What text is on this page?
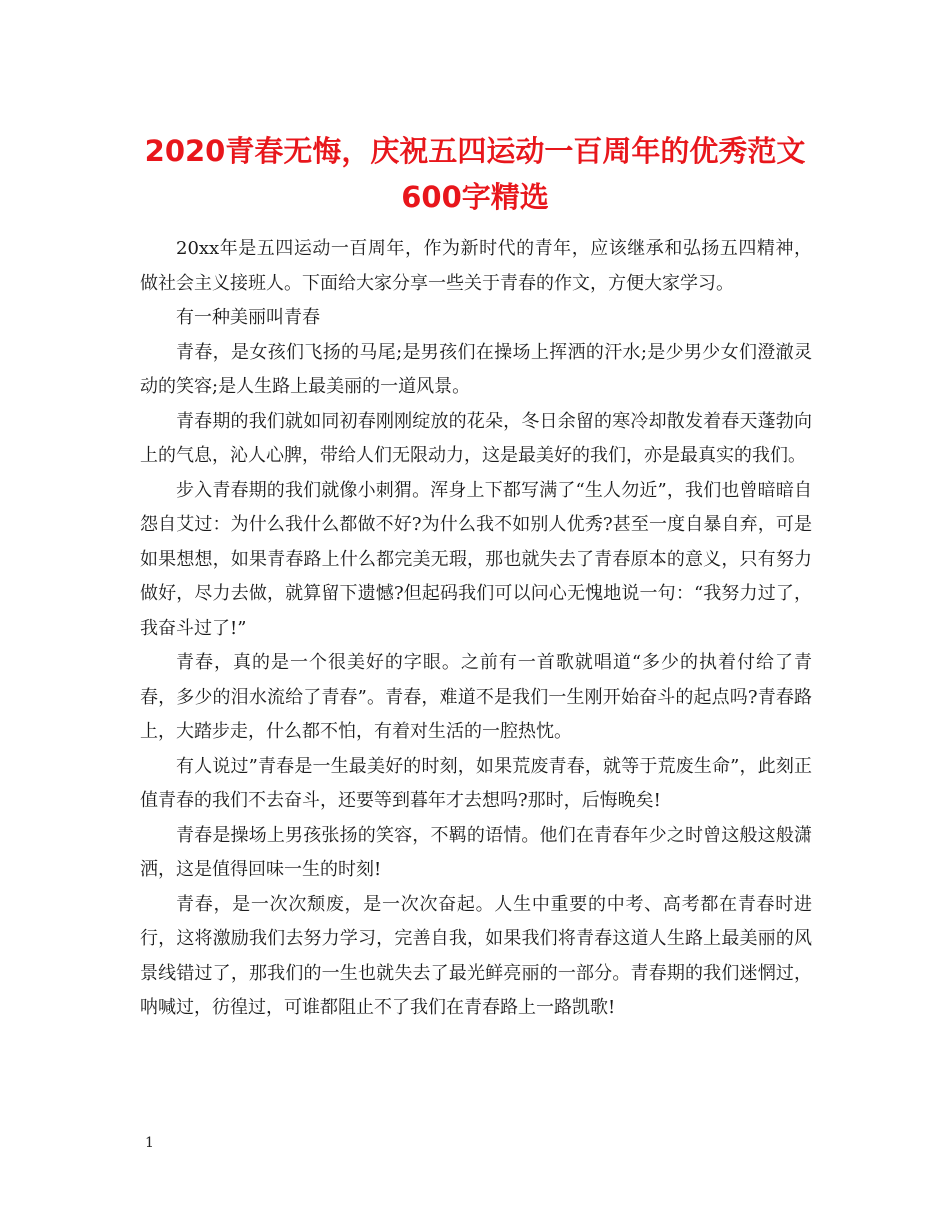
2020青春无悔，庆祝五四运动一百周年的优秀范文600字精选

20xx年是五四运动一百周年，作为新时代的青年，应该继承和弘扬五四精神，做社会主义接班人。下面给大家分享一些关于青春的作文，方便大家学习。

有一种美丽叫青春

青春，是女孩们飞扬的马尾;是男孩们在操场上挥洒的汗水;是少男少女们澄澈灵动的笑容;是人生路上最美丽的一道风景。

青春期的我们就如同初春刚刚绽放的花朵，冬日余留的寒冷却散发着春天蓬勃向上的气息，沁人心脾，带给人们无限动力，这是最美好的我们，亦是最真实的我们。

步入青春期的我们就像小刺猬。浑身上下都写满了“生人勿近”，我们也曾暗暗自怨自艾过：为什么我什么都做不好?为什么我不如别人优秀?甚至一度自暴自弃，可是如果想想，如果青春路上什么都完美无瑕，那也就失去了青春原本的意义，只有努力做好，尽力去做，就算留下遗憾?但起码我们可以问心无愧地说一句：“我努力过了，我奋斗过了!”

青春，真的是一个很美好的字眼。之前有一首歌就唱道“多少的执着付给了青春，多少的泪水流给了青春”。青春，难道不是我们一生刚开始奋斗的起点吗?青春路上，大踏步走，什么都不怕，有着对生活的一腔热忱。

有人说过”青春是一生最美好的时刻，如果荒废青春，就等于荒废生命”，此刻正值青春的我们不去奋斗，还要等到暮年才去想吗?那时，后悔晚矣!

青春是操场上男孩张扬的笑容，不羁的语情。他们在青春年少之时曾这般这般潇洒，这是值得回味一生的时刻!

青春，是一次次颓废，是一次次奋起。人生中重要的中考、高考都在青春时进行，这将激励我们去努力学习，完善自我，如果我们将青春这道人生路上最美丽的风景线错过了，那我们的一生也就失去了最光鲜亮丽的一部分。青春期的我们迷惘过，呐喊过，彷徨过，可谁都阻止不了我们在青春路上一路凯歌!

1
